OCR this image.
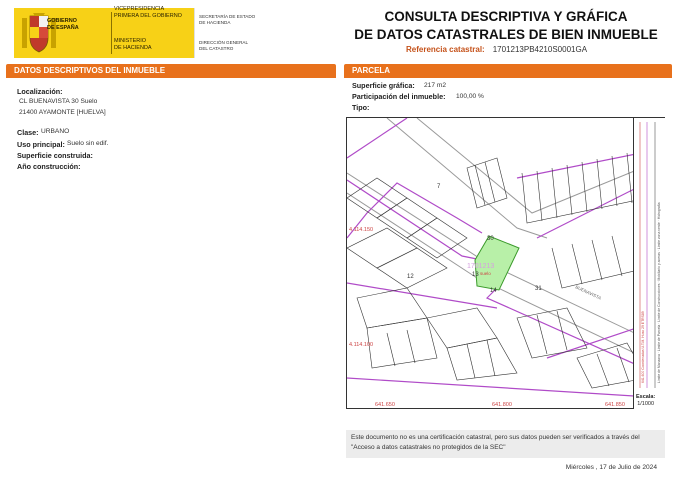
GOBIERNO
DE ESPAÑA
VICEPRESIDENCIA
PRIMERA DEL GOBIERNO
MINISTERIO
DE HACIENDA
SECRETARÍA DE ESTADO
DE HACIENDA
DIRECCIÓN GENERAL
DEL CATASTRO
CONSULTA DESCRIPTIVA Y GRÁFICA
DE DATOS CATASTRALES DE BIEN INMUEBLE
Referencia catastral: 1701213PB4210S0001GA
DATOS DESCRIPTIVOS DEL INMUEBLE	PARCELA
Localización:
CL BUENAVISTA 30 Suelo
21400 AYAMONTE [HUELVA]
Clase: URBANO
Uso principal: Suelo sin edif.
Superficie construida:
Año construcción:
Superficie gráfica: 217 m2
Participación del inmueble: 100,00 %
Tipo:
30
13
14	31
12
7
1701213
suelo
BUENAVISTA
4.114.150
4.114.100
641.650	641.800	641.850
Límite de Manzana · Límite de Parcela · Límite de Construcciones · Mobiliario y aceras · Límite zona verde · Hidrografía
641.600 Coordenadas U.T.M. Huso 29 ETRS89
Escala:
1/1000
Este documento no es una certificación catastral, pero sus datos pueden ser verificados a través del "Acceso a datos catastrales no protegidos de la SEC"
Miércoles , 17 de Julio de 2024
